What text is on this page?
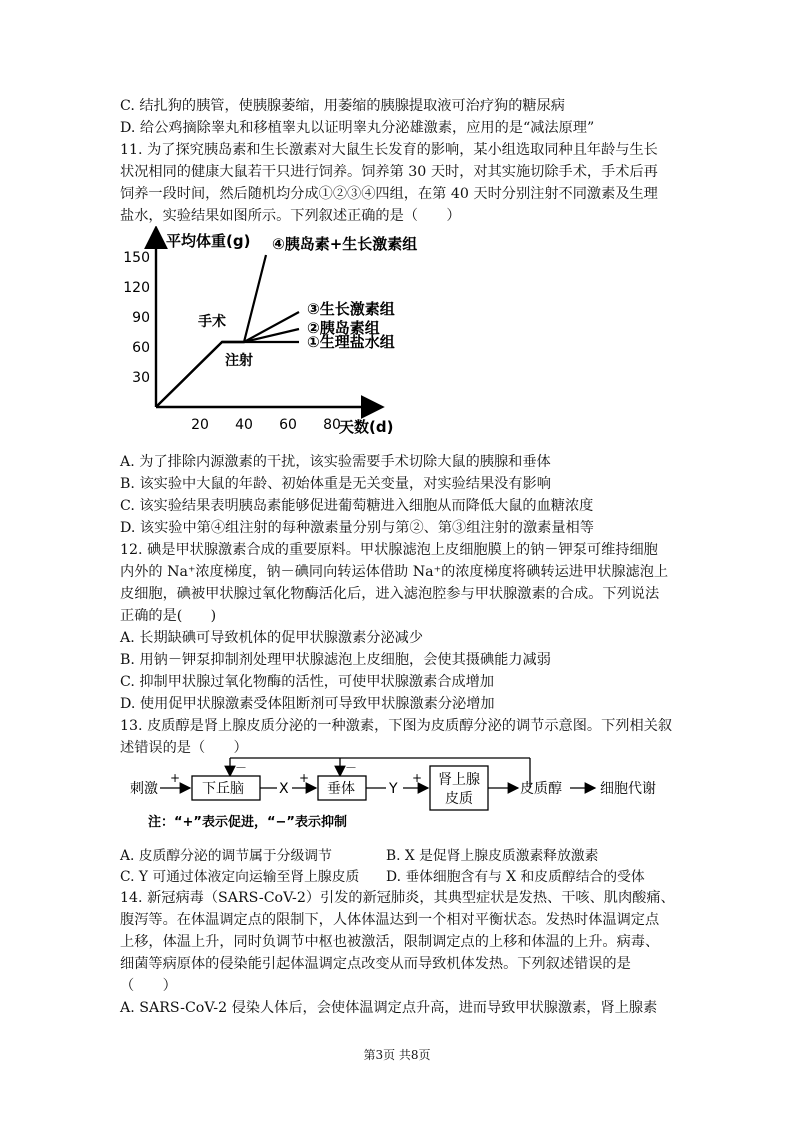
C. 结扎狗的胰管，使胰腺萎缩，用萎缩的胰腺提取液可治疗狗的糖尿病
D. 给公鸡摘除睾丸和移植睾丸以证明睾丸分泌雄激素，应用的是“减法原理”
11. 为了探究胰岛素和生长激素对大鼠生长发育的影响，某小组选取同种且年龄与生长
状况相同的健康大鼠若干只进行饲养。饲养第 30 天时，对其实施切除手术，手术后再
饲养一段时间，然后随机均分成①②③④四组，在第 40 天时分别注射不同激素及生理
盐水，实验结果如图所示。下列叙述正确的是（　　）
平均体重(g)
天数(d)
30
60
90
120
150
20 40 60 80
手术
注射
①生理盐水组
②胰岛素组
③生长激素组
④胰岛素+生长激素组
A. 为了排除内源激素的干扰，该实验需要手术切除大鼠的胰腺和垂体
B. 该实验中大鼠的年龄、初始体重是无关变量，对实验结果没有影响
C. 该实验结果表明胰岛素能够促进葡萄糖进入细胞从而降低大鼠的血糖浓度
D. 该实验中第④组注射的每种激素量分别与第②、第③组注射的激素量相等
12. 碘是甲状腺激素合成的重要原料。甲状腺滤泡上皮细胞膜上的钠－钾泵可维持细胞
内外的 Na⁺浓度梯度，钠－碘同向转运体借助 Na⁺的浓度梯度将碘转运进甲状腺滤泡上
皮细胞，碘被甲状腺过氧化物酶活化后，进入滤泡腔参与甲状腺激素的合成。下列说法
正确的是(　　)
A. 长期缺碘可导致机体的促甲状腺激素分泌减少
B. 用钠－钾泵抑制剂处理甲状腺滤泡上皮细胞，会使其摄碘能力减弱
C. 抑制甲状腺过氧化物酶的活性，可使甲状腺激素合成增加
D. 使用促甲状腺激素受体阻断剂可导致甲状腺激素分泌增加
13. 皮质醇是肾上腺皮质分泌的一种激素，下图为皮质醇分泌的调节示意图。下列相关叙
述错误的是（　　）
－	－
刺激
+
下丘脑	X
+
垂体 Y
+ 肾上腺
皮质
皮质醇	细胞代谢
注：“+”表示促进，“−”表示抑制
A. 皮质醇分泌的调节属于分级调节	B. X 是促肾上腺皮质激素释放激素
C. Y 可通过体液定向运输至肾上腺皮质 D. 垂体细胞含有与 X 和皮质醇结合的受体
14. 新冠病毒（SARS-CoV-2）引发的新冠肺炎，其典型症状是发热、干咳、肌肉酸痛、
腹泻等。在体温调定点的限制下，人体体温达到一个相对平衡状态。发热时体温调定点
上移，体温上升，同时负调节中枢也被激活，限制调定点的上移和体温的上升。病毒、
细菌等病原体的侵染能引起体温调定点改变从而导致机体发热。下列叙述错误的是
（　　）
A. SARS-CoV-2 侵染人体后，会使体温调定点升高，进而导致甲状腺激素，肾上腺素
第3页 共8页
